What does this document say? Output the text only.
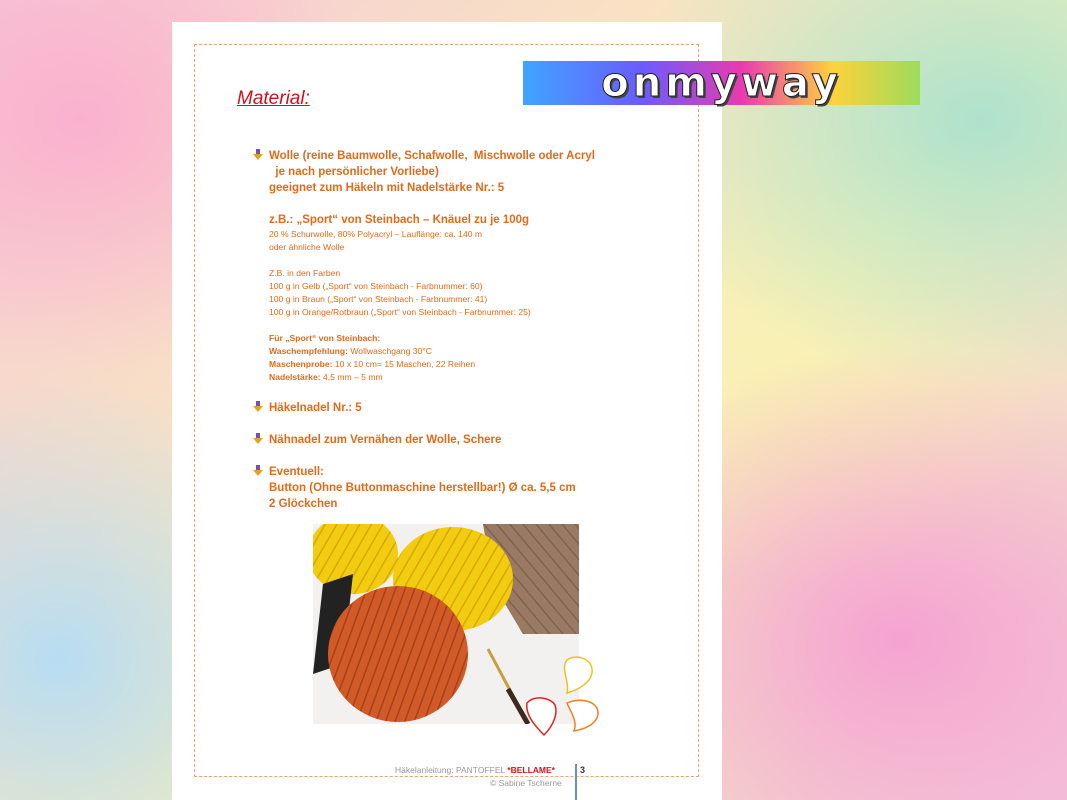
Material:	onmyway
Wolle (reine Baumwolle, Schafwolle,  Mischwolle oder Acryl
je nach persönlicher Vorliebe)
geeignet zum Häkeln mit Nadelstärke Nr.: 5
z.B.: „Sport“ von Steinbach – Knäuel zu je 100g
20 % Schurwolle, 80% Polyacryl – Lauflänge: ca. 140 m
oder ähnliche Wolle
Z.B. in den Farben
100 g in Gelb („Sport“ von Steinbach - Farbnummer: 60)
100 g in Braun („Sport“ von Steinbach - Farbnummer: 41)
100 g in Orange/Rotbraun („Sport“ von Steinbach - Farbnummer: 25)
Für „Sport“ von Steinbach:
Waschempfehlung: Wollwaschgang 30°C
Maschenprobe: 10 x 10 cm= 15 Maschen, 22 Reihen
Nadelstärke: 4,5 mm – 5 mm
Häkelnadel Nr.: 5
Nähnadel zum Vernähen der Wolle, Schere
Eventuell:
Button (Ohne Buttonmaschine herstellbar!) Ø ca. 5,5 cm
2 Glöckchen
Häkelanleitung: PANTOFFEL *BELLAME*	3
© Sabine Tscherne
